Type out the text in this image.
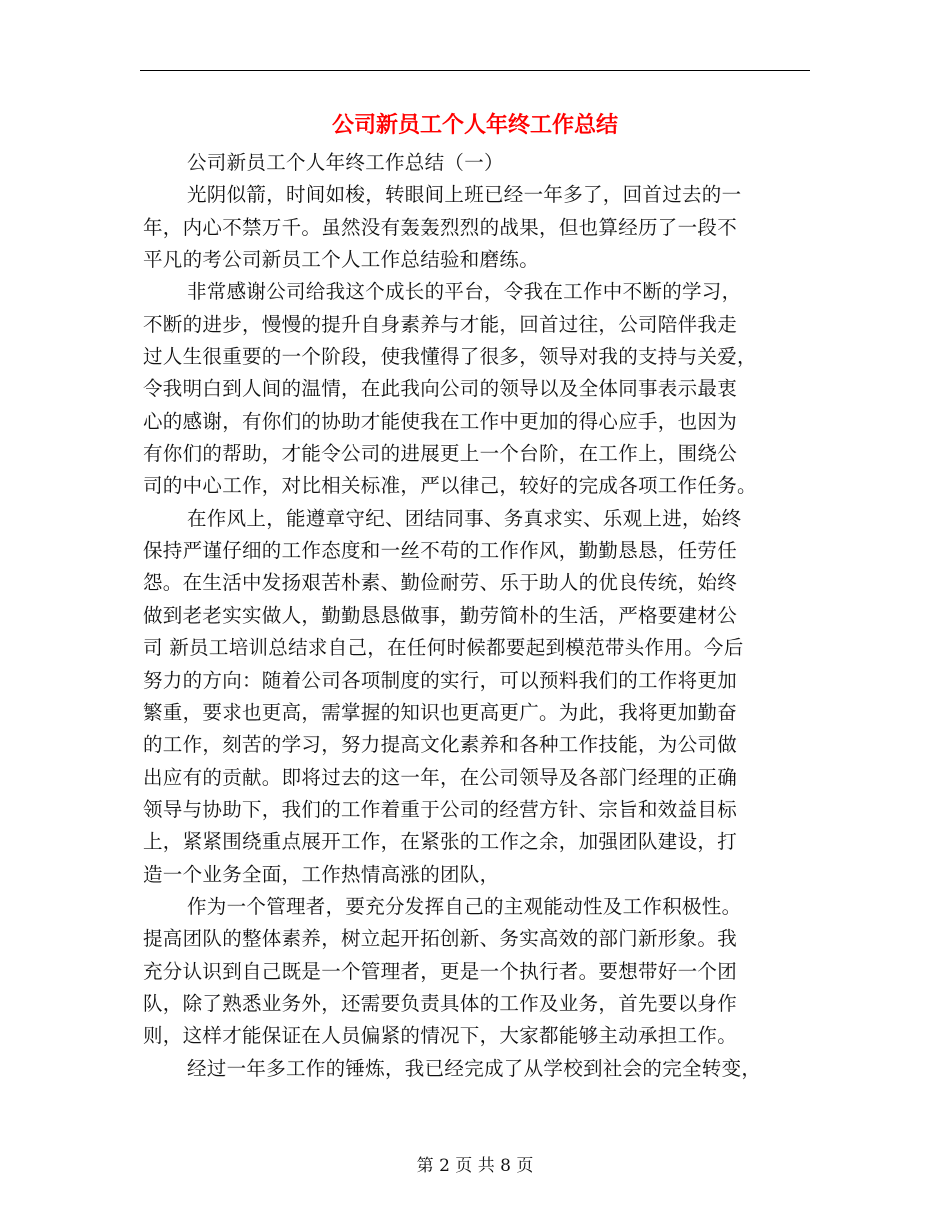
公司新员工个人年终工作总结
公司新员工个人年终工作总结（一）
光阴似箭，时间如梭，转眼间上班已经一年多了，回首过去的一
年，内心不禁万千。虽然没有轰轰烈烈的战果，但也算经历了一段不
平凡的考公司新员工个人工作总结验和磨练。
非常感谢公司给我这个成长的平台，令我在工作中不断的学习，
不断的进步，慢慢的提升自身素养与才能，回首过往，公司陪伴我走
过人生很重要的一个阶段，使我懂得了很多，领导对我的支持与关爱，
令我明白到人间的温情，在此我向公司的领导以及全体同事表示最衷
心的感谢，有你们的协助才能使我在工作中更加的得心应手，也因为
有你们的帮助，才能令公司的进展更上一个台阶，在工作上，围绕公
司的中心工作，对比相关标准，严以律己，较好的完成各项工作任务。
在作风上，能遵章守纪、团结同事、务真求实、乐观上进，始终
保持严谨仔细的工作态度和一丝不苟的工作作风，勤勤恳恳，任劳任
怨。在生活中发扬艰苦朴素、勤俭耐劳、乐于助人的优良传统，始终
做到老老实实做人，勤勤恳恳做事，勤劳简朴的生活，严格要建材公
司 新员工培训总结求自己，在任何时候都要起到模范带头作用。今后
努力的方向：随着公司各项制度的实行，可以预料我们的工作将更加
繁重，要求也更高，需掌握的知识也更高更广。为此，我将更加勤奋
的工作，刻苦的学习，努力提高文化素养和各种工作技能，为公司做
出应有的贡献。即将过去的这一年，在公司领导及各部门经理的正确
领导与协助下，我们的工作着重于公司的经营方针、宗旨和效益目标
上，紧紧围绕重点展开工作，在紧张的工作之余，加强团队建设，打
造一个业务全面，工作热情高涨的团队，
作为一个管理者，要充分发挥自己的主观能动性及工作积极性。
提高团队的整体素养，树立起开拓创新、务实高效的部门新形象。我
充分认识到自己既是一个管理者，更是一个执行者。要想带好一个团
队，除了熟悉业务外，还需要负责具体的工作及业务，首先要以身作
则，这样才能保证在人员偏紧的情况下，大家都能够主动承担工作。
经过一年多工作的锤炼，我已经完成了从学校到社会的完全转变，
第 2 页 共 8 页
